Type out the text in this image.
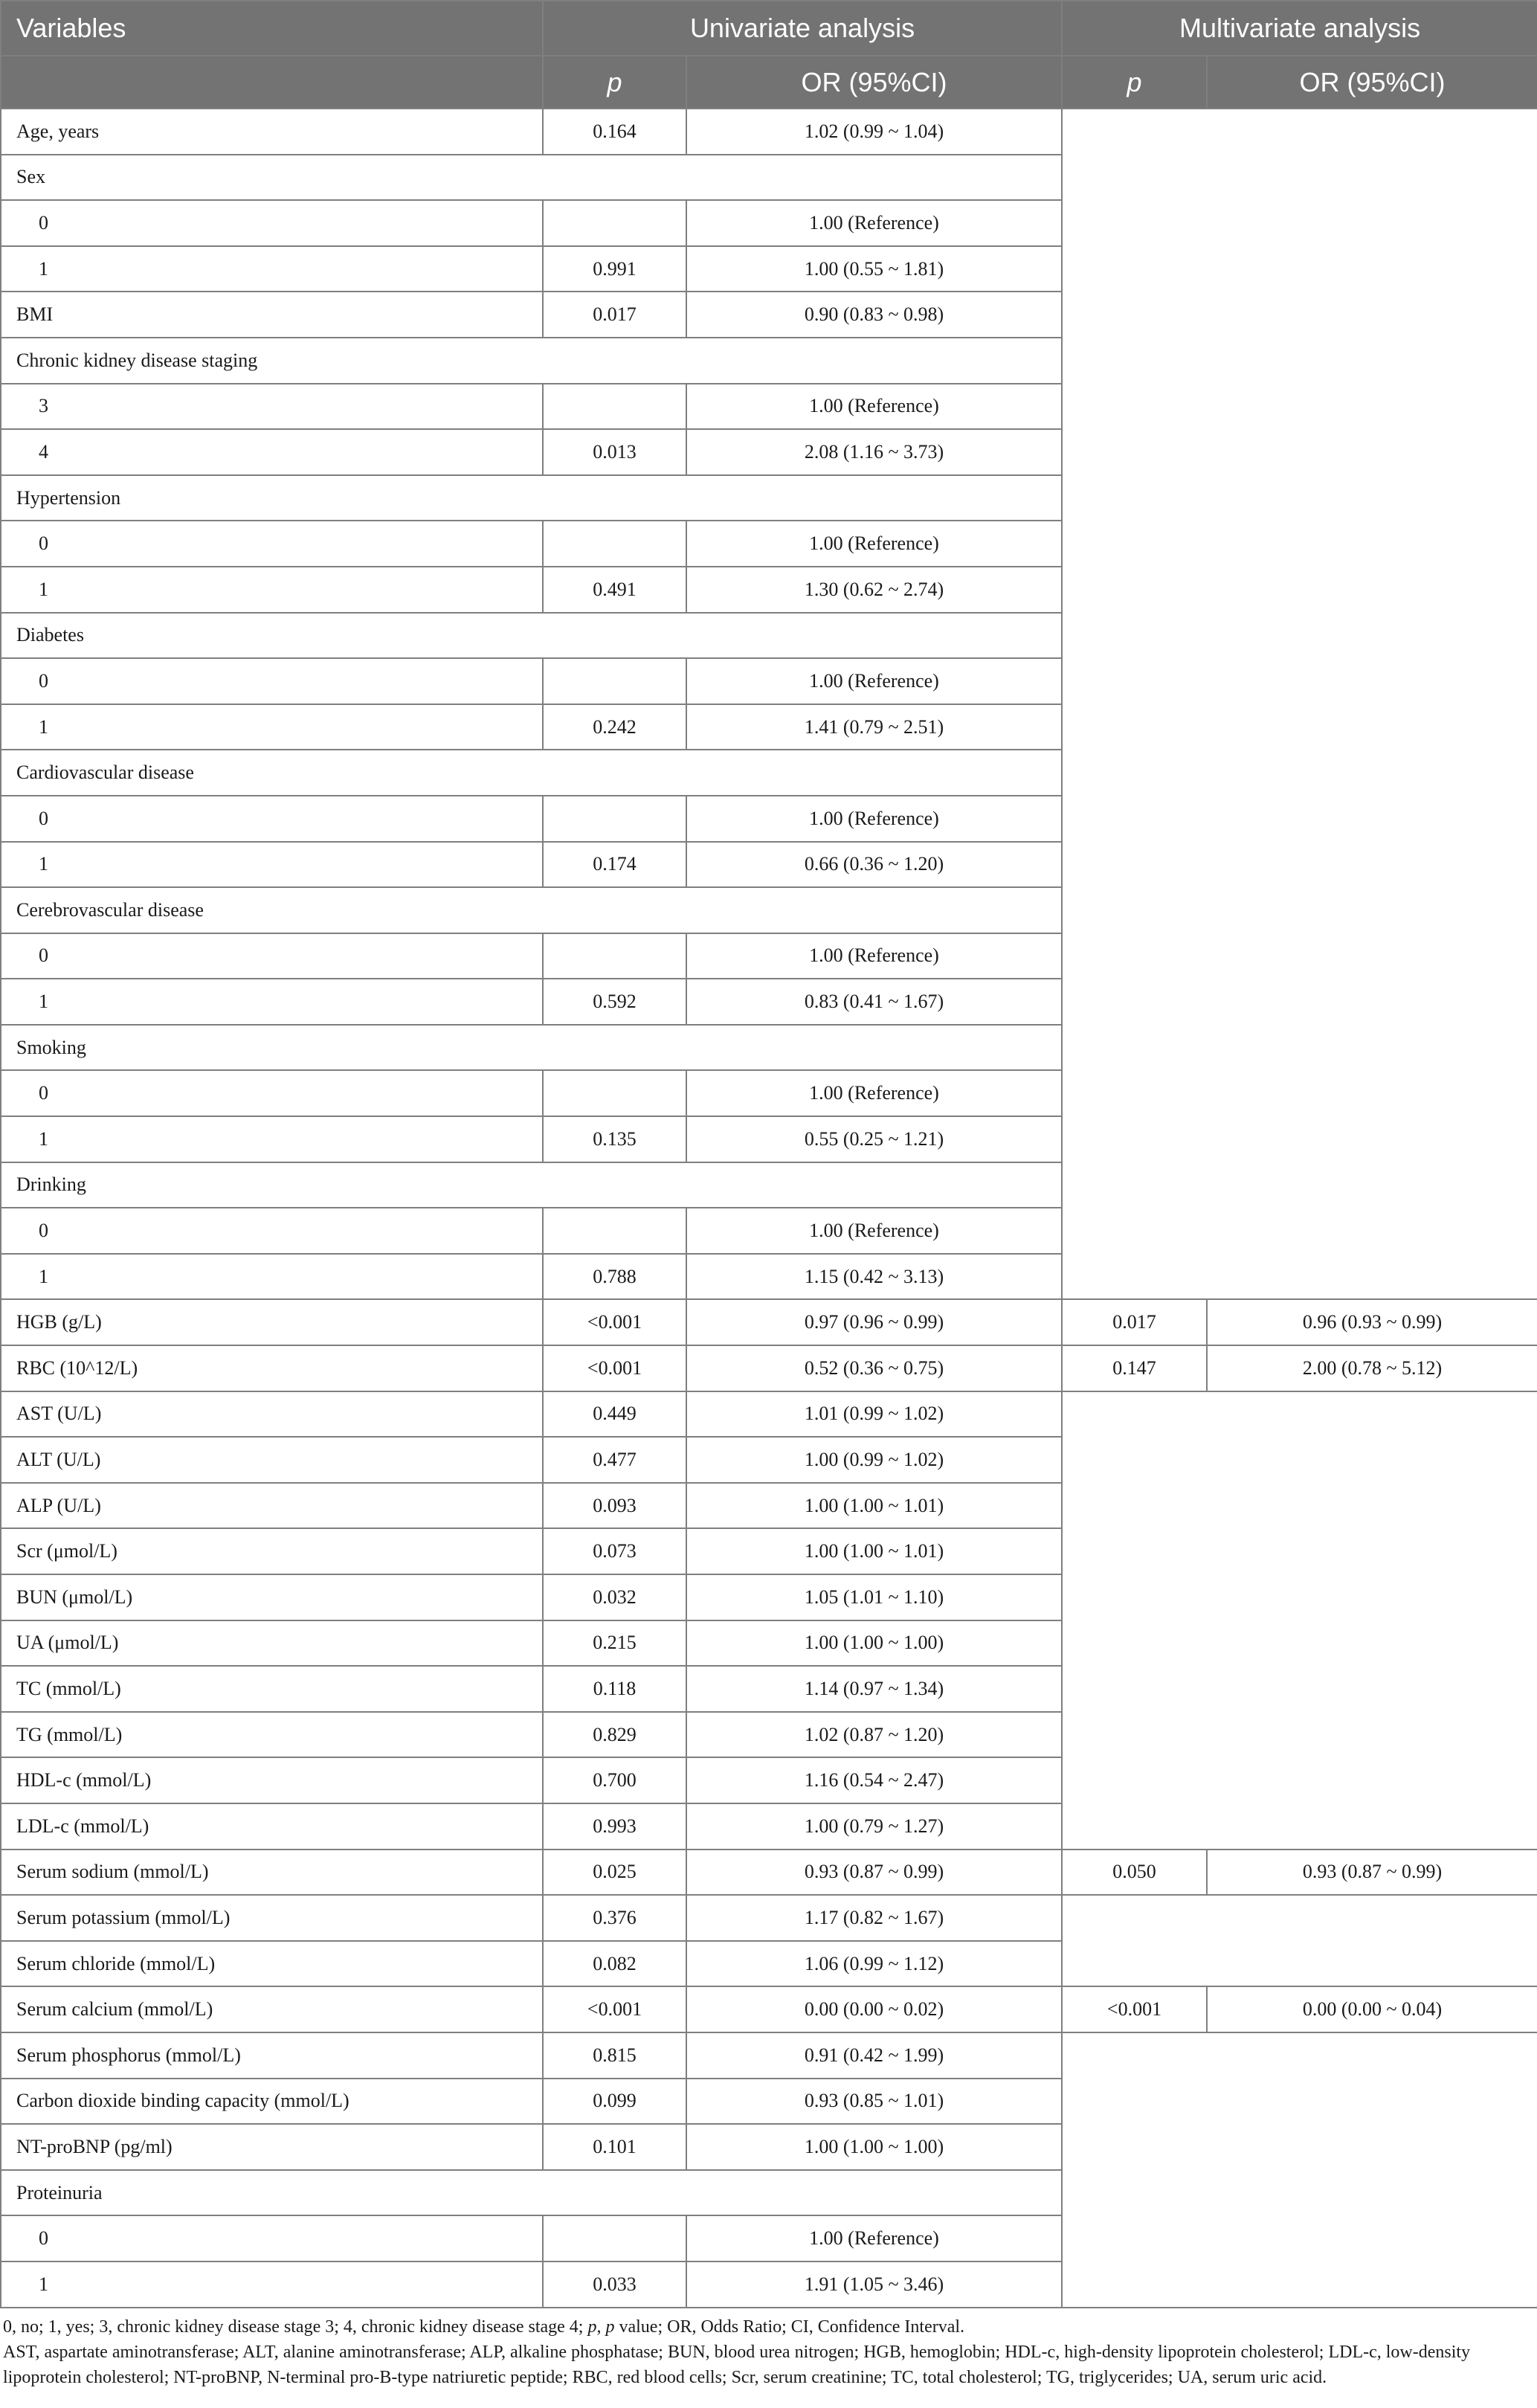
Variables	Univariate analysis		Multivariate analysis	
	p	OR (95%CI)	p	OR (95%CI)
Age, years	0.164	1.02 (0.99 ~ 1.04)		
Sex				
0		1.00 (Reference)		
1	0.991	1.00 (0.55 ~ 1.81)		
BMI	0.017	0.90 (0.83 ~ 0.98)		
Chronic kidney disease staging				
3		1.00 (Reference)		
4	0.013	2.08 (1.16 ~ 3.73)		
Hypertension				
0		1.00 (Reference)		
1	0.491	1.30 (0.62 ~ 2.74)		
Diabetes				
0		1.00 (Reference)		
1	0.242	1.41 (0.79 ~ 2.51)		
Cardiovascular disease				
0		1.00 (Reference)		
1	0.174	0.66 (0.36 ~ 1.20)		
Cerebrovascular disease				
0		1.00 (Reference)		
1	0.592	0.83 (0.41 ~ 1.67)		
Smoking				
0		1.00 (Reference)		
1	0.135	0.55 (0.25 ~ 1.21)		
Drinking				
0		1.00 (Reference)		
1	0.788	1.15 (0.42 ~ 3.13)		
HGB (g/L)	<0.001	0.97 (0.96 ~ 0.99)	0.017	0.96 (0.93 ~ 0.99)
RBC (10^12/L)	<0.001	0.52 (0.36 ~ 0.75)	0.147	2.00 (0.78 ~ 5.12)
AST (U/L)	0.449	1.01 (0.99 ~ 1.02)		
ALT (U/L)	0.477	1.00 (0.99 ~ 1.02)		
ALP (U/L)	0.093	1.00 (1.00 ~ 1.01)		
Scr (μmol/L)	0.073	1.00 (1.00 ~ 1.01)		
BUN (μmol/L)	0.032	1.05 (1.01 ~ 1.10)		
UA (μmol/L)	0.215	1.00 (1.00 ~ 1.00)		
TC (mmol/L)	0.118	1.14 (0.97 ~ 1.34)		
TG (mmol/L)	0.829	1.02 (0.87 ~ 1.20)		
HDL-c (mmol/L)	0.700	1.16 (0.54 ~ 2.47)		
LDL-c (mmol/L)	0.993	1.00 (0.79 ~ 1.27)		
Serum sodium (mmol/L)	0.025	0.93 (0.87 ~ 0.99)	0.050	0.93 (0.87 ~ 0.99)
Serum potassium (mmol/L)	0.376	1.17 (0.82 ~ 1.67)		
Serum chloride (mmol/L)	0.082	1.06 (0.99 ~ 1.12)		
Serum calcium (mmol/L)	<0.001	0.00 (0.00 ~ 0.02)	<0.001	0.00 (0.00 ~ 0.04)
Serum phosphorus (mmol/L)	0.815	0.91 (0.42 ~ 1.99)		
Carbon dioxide binding capacity (mmol/L)	0.099	0.93 (0.85 ~ 1.01)		
NT-proBNP (pg/ml)	0.101	1.00 (1.00 ~ 1.00)		
Proteinuria				
0		1.00 (Reference)		
1	0.033	1.91 (1.05 ~ 3.46)		

0, no; 1, yes; 3, chronic kidney disease stage 3; 4, chronic kidney disease stage 4; p, p value; OR, Odds Ratio; CI, Confidence Interval.

AST, aspartate aminotransferase; ALT, alanine aminotransferase; ALP, alkaline phosphatase; BUN, blood urea nitrogen; HGB, hemoglobin; HDL-c, high-density lipoprotein cholesterol; LDL-c, low-density lipoprotein cholesterol; NT-proBNP, N-terminal pro-B-type natriuretic peptide; RBC, red blood cells; Scr, serum creatinine; TC, total cholesterol; TG, triglycerides; UA, serum uric acid.
